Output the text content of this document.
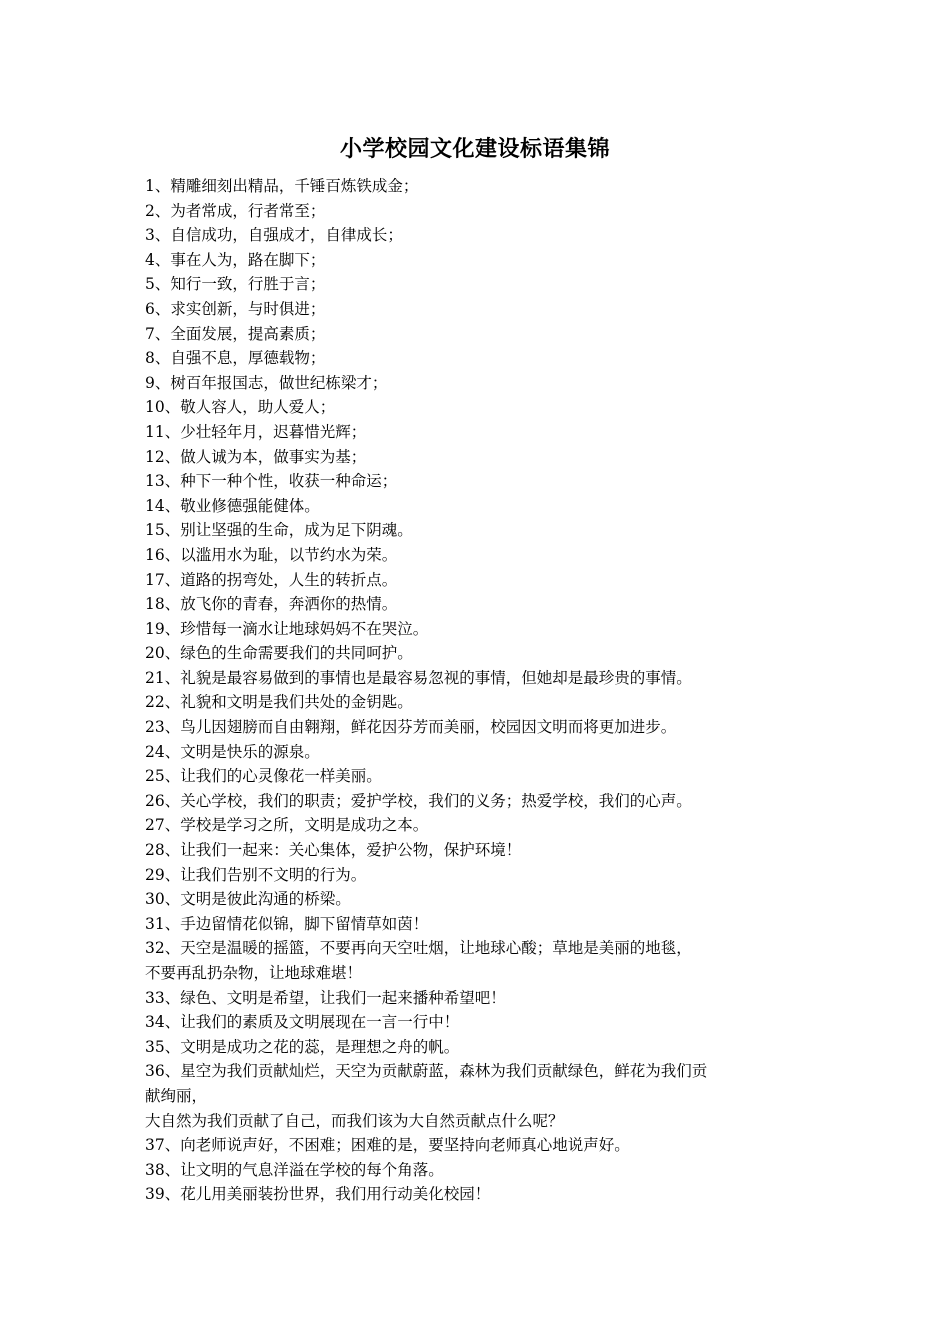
小学校园文化建设标语集锦
1、精雕细刻出精品，千锤百炼铁成金；
2、为者常成，行者常至；
3、自信成功，自强成才，自律成长；
4、事在人为，路在脚下；
5、知行一致，行胜于言；
6、求实创新，与时俱进；
7、全面发展，提高素质；
8、自强不息，厚德载物；
9、树百年报国志，做世纪栋梁才；
10、敬人容人，助人爱人；
11、少壮轻年月，迟暮惜光辉；
12、做人诚为本，做事实为基；
13、种下一种个性，收获一种命运；
14、敬业修德强能健体。
15、别让坚强的生命，成为足下阴魂。
16、以滥用水为耻，以节约水为荣。
17、道路的拐弯处，人生的转折点。
18、放飞你的青春，奔洒你的热情。
19、珍惜每一滴水让地球妈妈不在哭泣。
20、绿色的生命需要我们的共同呵护。
21、礼貌是最容易做到的事情也是最容易忽视的事情，但她却是最珍贵的事情。
22、礼貌和文明是我们共处的金钥匙。
23、鸟儿因翅膀而自由翱翔，鲜花因芬芳而美丽，校园因文明而将更加进步。
24、文明是快乐的源泉。
25、让我们的心灵像花一样美丽。
26、关心学校，我们的职责；爱护学校，我们的义务；热爱学校，我们的心声。
27、学校是学习之所，文明是成功之本。
28、让我们一起来：关心集体，爱护公物，保护环境！
29、让我们告别不文明的行为。
30、文明是彼此沟通的桥梁。
31、手边留情花似锦，脚下留情草如茵！
32、天空是温暖的摇篮，不要再向天空吐烟，让地球心酸；草地是美丽的地毯，
不要再乱扔杂物，让地球难堪！
33、绿色、文明是希望，让我们一起来播种希望吧！
34、让我们的素质及文明展现在一言一行中！
35、文明是成功之花的蕊，是理想之舟的帆。
36、星空为我们贡献灿烂，天空为贡献蔚蓝，森林为我们贡献绿色，鲜花为我们贡
献绚丽，
大自然为我们贡献了自己，而我们该为大自然贡献点什么呢？
37、向老师说声好，不困难；困难的是，要坚持向老师真心地说声好。
38、让文明的气息洋溢在学校的每个角落。
39、花儿用美丽装扮世界，我们用行动美化校园！
